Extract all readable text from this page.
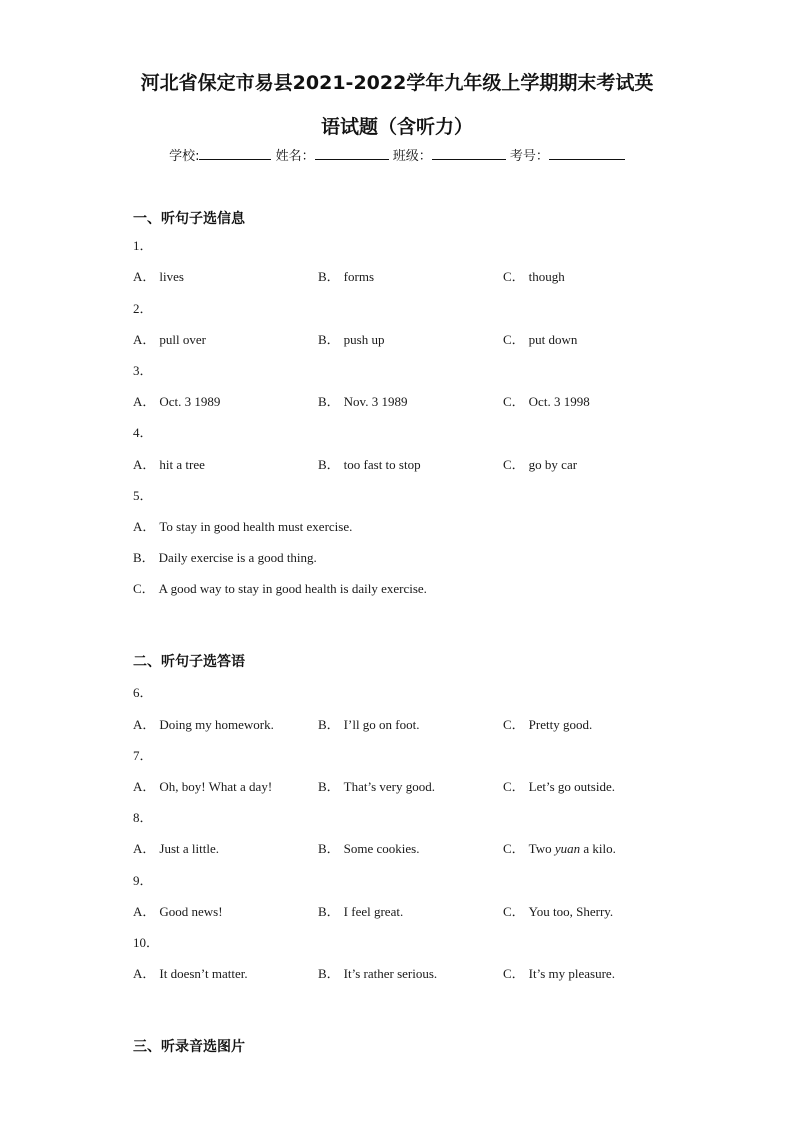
河北省保定市易县2021-2022学年九年级上学期期末考试英
语试题（含听力）
学校:	姓名：	班级：	考号：
一、听句子选信息
1．
A． lives	B． forms	C． though
2．
A． pull over	B． push up	C． put down
3．
A． Oct. 3 1989	B． Nov. 3 1989	C． Oct. 3 1998
4．
A． hit a tree	B． too fast to stop	C． go by car
5．
A． To stay in good health must exercise.
B． Daily exercise is a good thing.
C． A good way to stay in good health is daily exercise.
二、听句子选答语
6．
A． Doing my homework.	B． I’ll go on foot.	C． Pretty good.
7．
A． Oh, boy! What a day!	B． That’s very good.	C． Let’s go outside.
8．
A． Just a little.	B． Some cookies.	C． Two yuan a kilo.
9．
A． Good news!	B． I feel great.	C． You too, Sherry.
10．
A． It doesn’t matter.	B． It’s rather serious.	C． It’s my pleasure.
三、听录音选图片
